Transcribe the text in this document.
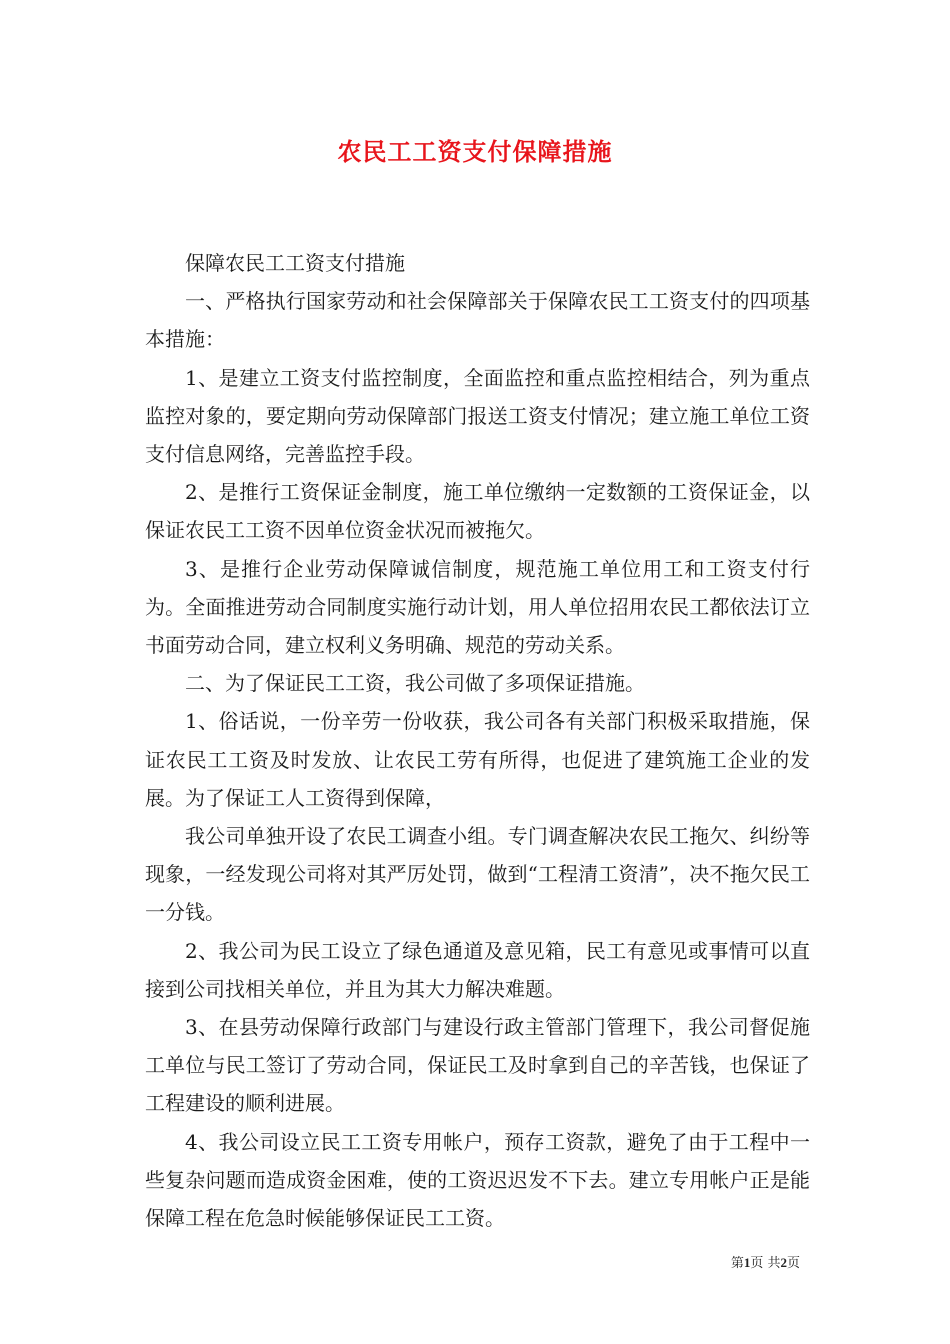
农民工工资支付保障措施

保障农民工工资支付措施

一、严格执行国家劳动和社会保障部关于保障农民工工资支付的四项基本措施：

1、是建立工资支付监控制度，全面监控和重点监控相结合，列为重点监控对象的，要定期向劳动保障部门报送工资支付情况；建立施工单位工资支付信息网络，完善监控手段。

2、是推行工资保证金制度，施工单位缴纳一定数额的工资保证金，以保证农民工工资不因单位资金状况而被拖欠。

3、是推行企业劳动保障诚信制度，规范施工单位用工和工资支付行为。全面推进劳动合同制度实施行动计划，用人单位招用农民工都依法订立书面劳动合同，建立权利义务明确、规范的劳动关系。

二、为了保证民工工资，我公司做了多项保证措施。

1、俗话说，一份辛劳一份收获，我公司各有关部门积极采取措施，保证农民工工资及时发放、让农民工劳有所得，也促进了建筑施工企业的发展。为了保证工人工资得到保障，

我公司单独开设了农民工调查小组。专门调查解决农民工拖欠、纠纷等现象，一经发现公司将对其严厉处罚，做到“工程清工资清”，决不拖欠民工一分钱。

2、我公司为民工设立了绿色通道及意见箱，民工有意见或事情可以直接到公司找相关单位，并且为其大力解决难题。

3、在县劳动保障行政部门与建设行政主管部门管理下，我公司督促施工单位与民工签订了劳动合同，保证民工及时拿到自己的辛苦钱，也保证了工程建设的顺利进展。

4、我公司设立民工工资专用帐户，预存工资款，避免了由于工程中一些复杂问题而造成资金困难，使的工资迟迟发不下去。建立专用帐户正是能保障工程在危急时候能够保证民工工资。

第1页 共2页
